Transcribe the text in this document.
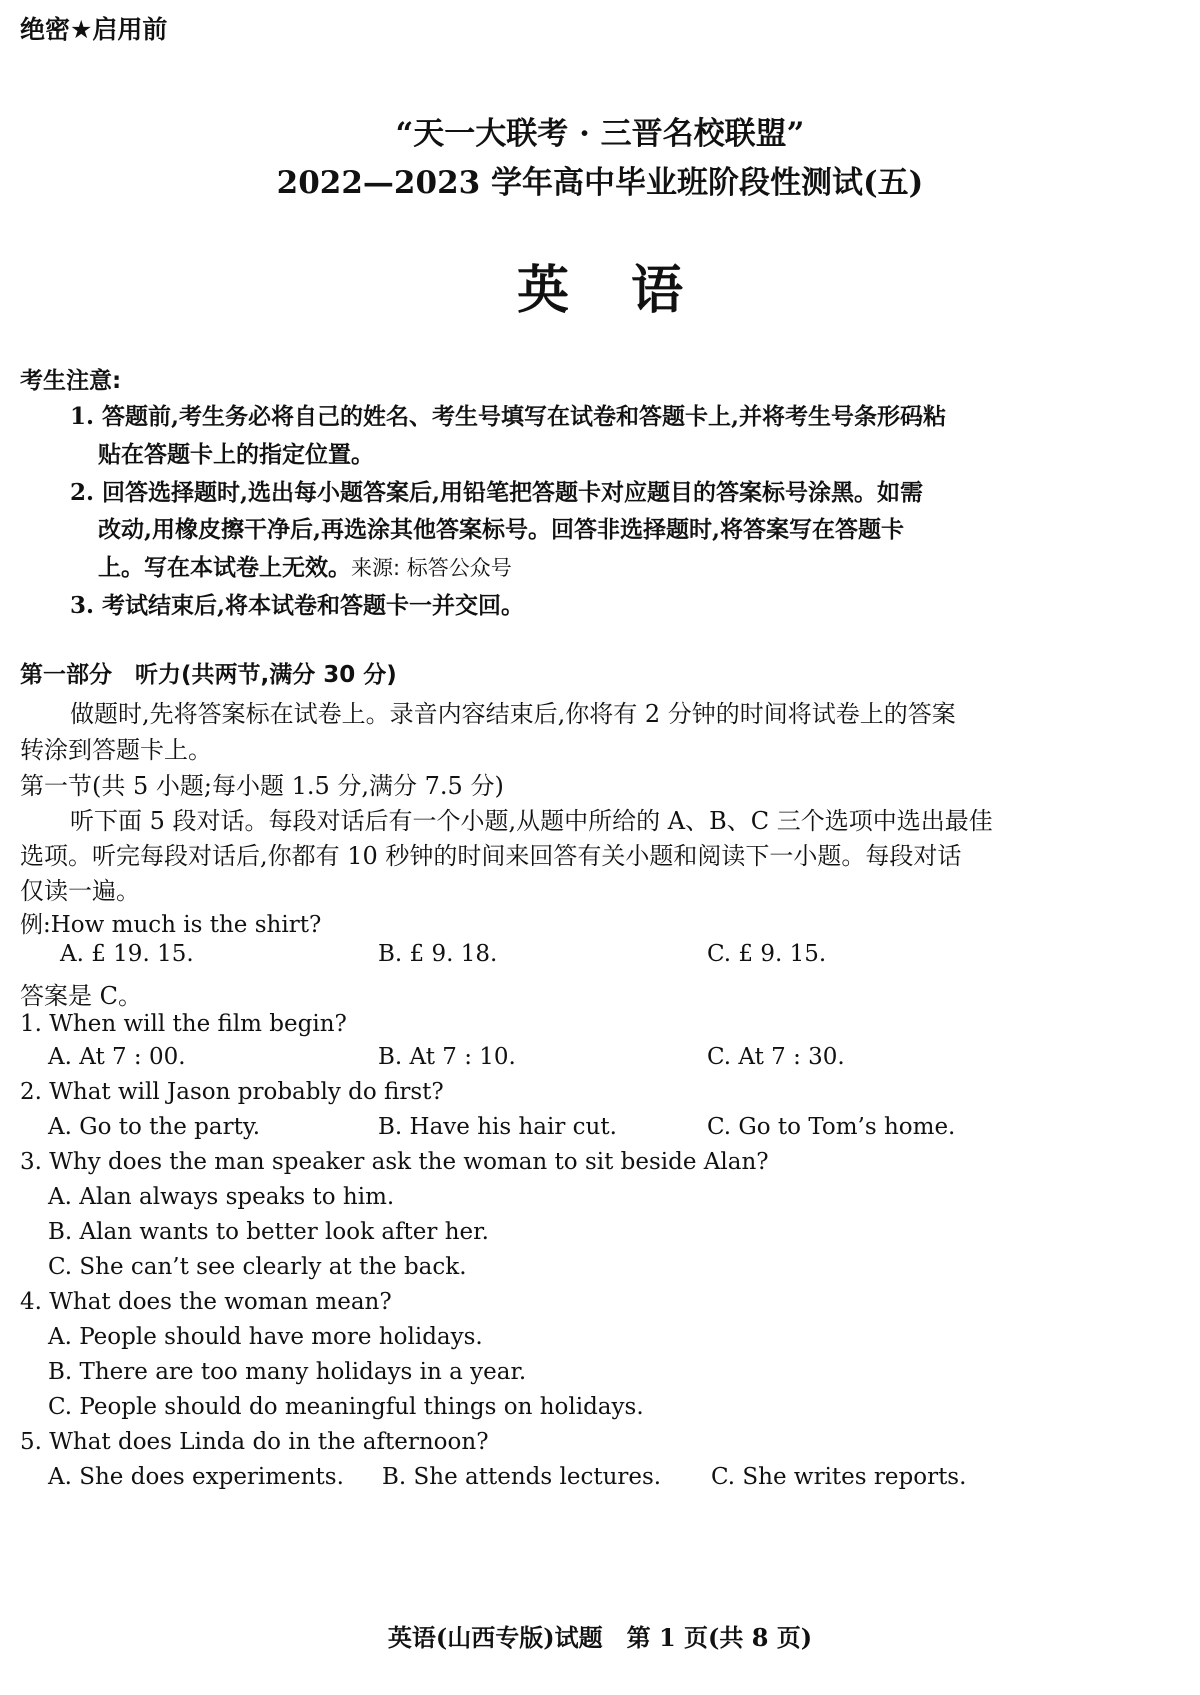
绝密★启用前
“天一大联考 · 三晋名校联盟”
2022—2023 学年高中毕业班阶段性测试(五)
英语
考生注意:
1. 答题前,考生务必将自己的姓名、考生号填写在试卷和答题卡上,并将考生号条形码粘
贴在答题卡上的指定位置。
2. 回答选择题时,选出每小题答案后,用铅笔把答题卡对应题目的答案标号涂黑。如需
改动,用橡皮擦干净后,再选涂其他答案标号。回答非选择题时,将答案写在答题卡
上。写在本试卷上无效。来源: 标答公众号
3. 考试结束后,将本试卷和答题卡一并交回。
第一部分　听力(共两节,满分 30 分)
做题时,先将答案标在试卷上。录音内容结束后,你将有 2 分钟的时间将试卷上的答案
转涂到答题卡上。
第一节(共 5 小题;每小题 1.5 分,满分 7.5 分)
听下面 5 段对话。每段对话后有一个小题,从题中所给的 A、B、C 三个选项中选出最佳
选项。听完每段对话后,你都有 10 秒钟的时间来回答有关小题和阅读下一小题。每段对话
仅读一遍。
例:How much is the shirt?
A. £ 19. 15.	B. £ 9. 18.	C. £ 9. 15.
答案是 C。
1. When will the film begin?
A. At 7 : 00.	B. At 7 : 10.	C. At 7 : 30.
2. What will Jason probably do first?
A. Go to the party.	B. Have his hair cut.	C. Go to Tom’s home.
3. Why does the man speaker ask the woman to sit beside Alan?
A. Alan always speaks to him.
B. Alan wants to better look after her.
C. She can’t see clearly at the back.
4. What does the woman mean?
A. People should have more holidays.
B. There are too many holidays in a year.
C. People should do meaningful things on holidays.
5. What does Linda do in the afternoon?
A. She does experiments. B. She attends lectures. C. She writes reports.
英语(山西专版)试题　第 1 页(共 8 页)
